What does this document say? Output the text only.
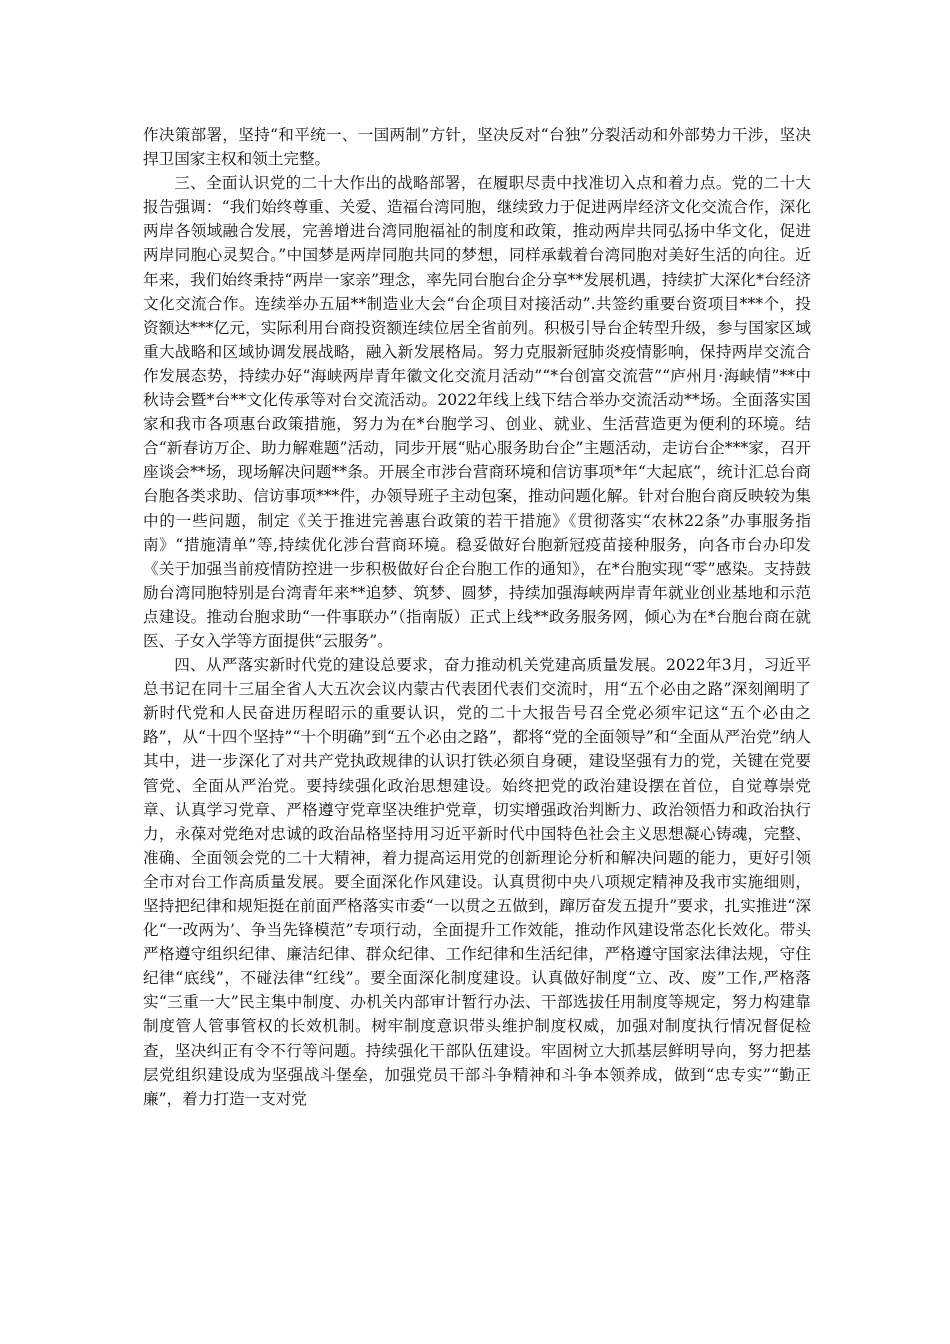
作决策部署，坚持“和平统一、一国两制”方针，坚决反对“台独”分裂活动和外部势力干涉，坚决捍卫国家主权和领土完整。

三、全面认识党的二十大作出的战略部署，在履职尽责中找准切入点和着力点。党的二十大报告强调：“我们始终尊重、关爱、造福台湾同胞，继续致力于促进两岸经济文化交流合作，深化两岸各领域融合发展，完善增进台湾同胞福祉的制度和政策，推动两岸共同弘扬中华文化，促进两岸同胞心灵契合。”中国梦是两岸同胞共同的梦想，同样承载着台湾同胞对美好生活的向往。近年来，我们始终秉持“两岸一家亲”理念，率先同台胞台企分享**发展机遇，持续扩大深化*台经济文化交流合作。连续举办五届**制造业大会“台企项目对接活动”.共签约重要台资项目***个，投资额达***亿元，实际利用台商投资额连续位居全省前列。积极引导台企转型升级，参与国家区域重大战略和区域协调发展战略，融入新发展格局。努力克服新冠肺炎疫情影响，保持两岸交流合作发展态势，持续办好“海峡两岸青年徽文化交流月活动”“*台创富交流营”“庐州月·海峡情”**中秋诗会暨*台**文化传承等对台交流活动。2022年线上线下结合举办交流活动**场。全面落实国家和我市各项惠台政策措施，努力为在*台胞学习、创业、就业、生活营造更为便利的环境。结合“新春访万企、助力解难题”活动，同步开展“贴心服务助台企”主题活动，走访台企***家，召开座谈会**场，现场解决问题**条。开展全市涉台营商环境和信访事项*年“大起底”，统计汇总台商台胞各类求助、信访事项***件，办领导班子主动包案，推动问题化解。针对台胞台商反映较为集中的一些问题，制定《关于推进完善惠台政策的若干措施》《贯彻落实“农林22条”办事服务指南》“措施清单”等,持续优化涉台营商环境。稳妥做好台胞新冠疫苗接种服务，向各市台办印发《关于加强当前疫情防控进一步积极做好台企台胞工作的通知》，在*台胞实现“零”感染。支持鼓励台湾同胞特别是台湾青年来**追梦、筑梦、圆梦，持续加强海峡两岸青年就业创业基地和示范点建设。推动台胞求助“一件事联办”（指南版）正式上线**政务服务网，倾心为在*台胞台商在就医、子女入学等方面提供“云服务”。

四、从严落实新时代党的建设总要求，奋力推动机关党建高质量发展。2022年3月，习近平总书记在同十三届全省人大五次会议内蒙古代表团代表们交流时，用“五个必由之路”深刻阐明了新时代党和人民奋进历程昭示的重要认识，党的二十大报告号召全党必须牢记这“五个必由之路”，从“十四个坚持”“十个明确”到“五个必由之路”，都将“党的全面领导”和“全面从严治党”纳人其中，进一步深化了对共产党执政规律的认识打铁必须自身硬，建设坚强有力的党，关键在党要管党、全面从严治党。要持续强化政治思想建设。始终把党的政治建设摆在首位，自觉尊崇党章、认真学习党章、严格遵守党章坚决维护党章，切实增强政治判断力、政治领悟力和政治执行力，永葆对党绝对忠诚的政治品格坚持用习近平新时代中国特色社会主义思想凝心铸魂，完整、准确、全面领会党的二十大精神，着力提高运用党的创新理论分析和解决问题的能力，更好引领全市对台工作高质量发展。要全面深化作风建设。认真贯彻中央八项规定精神及我市实施细则，坚持把纪律和规矩挺在前面严格落实市委“一以贯之五做到，蹿厉奋发五提升”要求，扎实推进“深化“一改两为’、争当先锋模范”专项行动，全面提升工作效能，推动作风建设常态化长效化。带头严格遵守组织纪律、廉洁纪律、群众纪律、工作纪律和生活纪律，严格遵守国家法律法规，守住纪律“底线”，不碰法律“红线”。要全面深化制度建设。认真做好制度“立、改、废”工作,严格落实“三重一大”民主集中制度、办机关内部审计暂行办法、干部选拔任用制度等规定，努力构建靠制度管人管事管权的长效机制。树牢制度意识带头维护制度权威，加强对制度执行情况督促检查，坚决纠正有令不行等问题。持续强化干部队伍建设。牢固树立大抓基层鲜明导向，努力把基层党组织建设成为坚强战斗堡垒，加强党员干部斗争精神和斗争本领养成，做到“忠专实”“勤正廉”，着力打造一支对党
